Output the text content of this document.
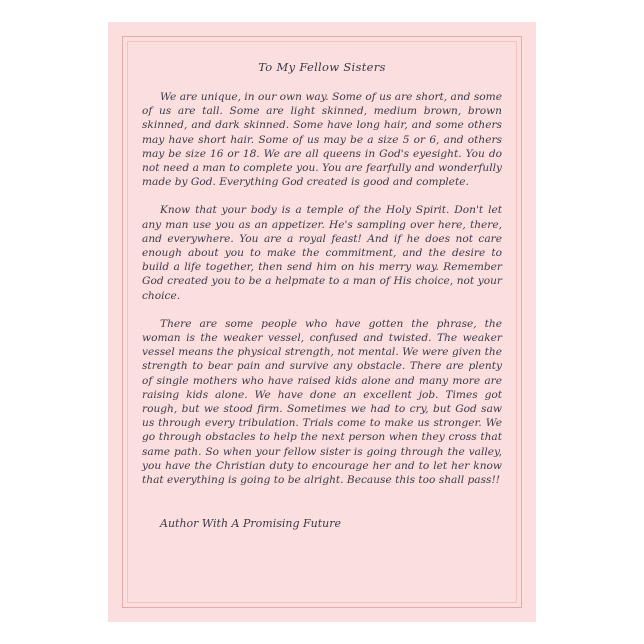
To My Fellow Sisters

We are unique, in our own way. Some of us are short, and some of us are tall. Some are light skinned, medium brown, brown skinned, and dark skinned. Some have long hair, and some others may have short hair. Some of us may be a size 5 or 6, and others may be size 16 or 18. We are all queens in God's eyesight. You do not need a man to complete you. You are fearfully and wonderfully made by God. Everything God created is good and complete.

Know that your body is a temple of the Holy Spirit. Don't let any man use you as an appetizer. He's sampling over here, there, and everywhere. You are a royal feast! And if he does not care enough about you to make the commitment, and the desire to build a life together, then send him on his merry way. Remember God created you to be a helpmate to a man of His choice, not your choice.

There are some people who have gotten the phrase, the woman is the weaker vessel, confused and twisted. The weaker vessel means the physical strength, not mental. We were given the strength to bear pain and survive any obstacle. There are plenty of single mothers who have raised kids alone and many more are raising kids alone. We have done an excellent job. Times got rough, but we stood firm. Sometimes we had to cry, but God saw us through every tribulation. Trials come to make us stronger. We go through obstacles to help the next person when they cross that same path. So when your fellow sister is going through the valley, you have the Christian duty to encourage her and to let her know that everything is going to be alright. Because this too shall pass!!

Author With A Promising Future
